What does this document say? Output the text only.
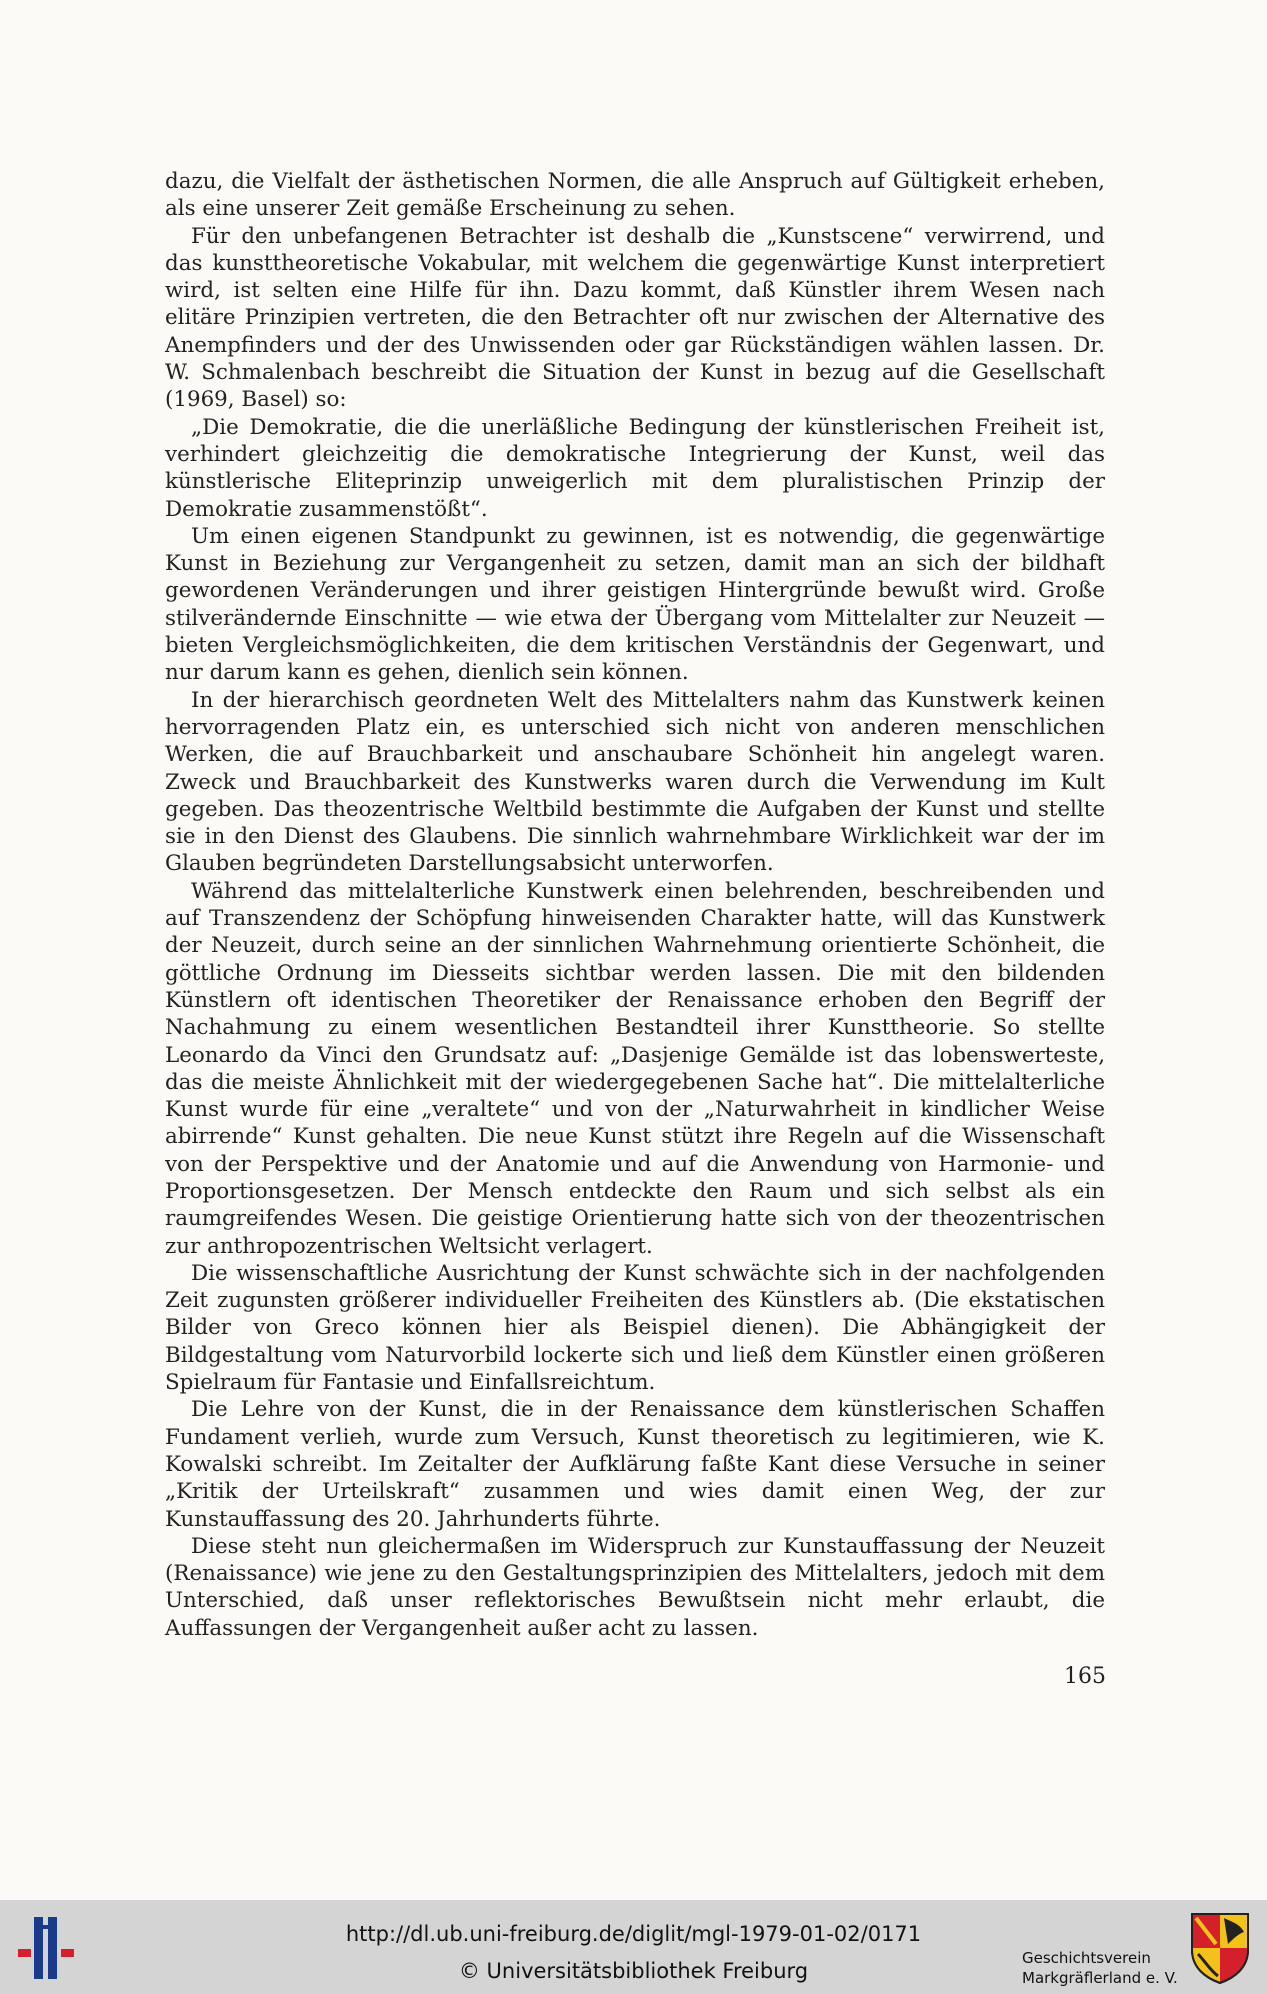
dazu, die Vielfalt der ästhetischen Normen, die alle Anspruch auf Gültigkeit erheben, als eine unserer Zeit gemäße Erscheinung zu sehen.

Für den unbefangenen Betrachter ist deshalb die „Kunstscene“ verwirrend, und das kunsttheoretische Vokabular, mit welchem die gegenwärtige Kunst interpretiert wird, ist selten eine Hilfe für ihn. Dazu kommt, daß Künstler ihrem Wesen nach elitäre Prinzipien vertreten, die den Betrachter oft nur zwischen der Alternative des Anempfinders und der des Unwissenden oder gar Rückständigen wählen lassen. Dr. W. Schmalenbach beschreibt die Situation der Kunst in bezug auf die Gesellschaft (1969, Basel) so:

„Die Demokratie, die die unerläßliche Bedingung der künstlerischen Freiheit ist, verhindert gleichzeitig die demokratische Integrierung der Kunst, weil das künstlerische Eliteprinzip unweigerlich mit dem pluralistischen Prinzip der Demokratie zusammenstößt“.

Um einen eigenen Standpunkt zu gewinnen, ist es notwendig, die gegenwärtige Kunst in Beziehung zur Vergangenheit zu setzen, damit man an sich der bildhaft gewordenen Veränderungen und ihrer geistigen Hintergründe bewußt wird. Große stilverändernde Einschnitte — wie etwa der Übergang vom Mittelalter zur Neuzeit — bieten Vergleichsmöglichkeiten, die dem kritischen Verständnis der Gegenwart, und nur darum kann es gehen, dienlich sein können.

In der hierarchisch geordneten Welt des Mittelalters nahm das Kunstwerk keinen hervorragenden Platz ein, es unterschied sich nicht von anderen menschlichen Werken, die auf Brauchbarkeit und anschaubare Schönheit hin angelegt waren. Zweck und Brauchbarkeit des Kunstwerks waren durch die Verwendung im Kult gegeben. Das theozentrische Weltbild bestimmte die Aufgaben der Kunst und stellte sie in den Dienst des Glaubens. Die sinnlich wahrnehmbare Wirklichkeit war der im Glauben begründeten Darstellungsabsicht unterworfen.

Während das mittelalterliche Kunstwerk einen belehrenden, beschreibenden und auf Transzendenz der Schöpfung hinweisenden Charakter hatte, will das Kunstwerk der Neuzeit, durch seine an der sinnlichen Wahrnehmung orientierte Schönheit, die göttliche Ordnung im Diesseits sichtbar werden lassen. Die mit den bildenden Künstlern oft identischen Theoretiker der Renaissance erhoben den Begriff der Nachahmung zu einem wesentlichen Bestandteil ihrer Kunsttheorie. So stellte Leonardo da Vinci den Grundsatz auf: „Dasjenige Gemälde ist das lobenswerteste, das die meiste Ähnlichkeit mit der wiedergegebenen Sache hat“. Die mittelalterliche Kunst wurde für eine „veraltete“ und von der „Naturwahrheit in kindlicher Weise abirrende“ Kunst gehalten. Die neue Kunst stützt ihre Regeln auf die Wissenschaft von der Perspektive und der Anatomie und auf die Anwendung von Harmonie- und Proportionsgesetzen. Der Mensch entdeckte den Raum und sich selbst als ein raumgreifendes Wesen. Die geistige Orientierung hatte sich von der theozentrischen zur anthropozentrischen Weltsicht verlagert.

Die wissenschaftliche Ausrichtung der Kunst schwächte sich in der nachfolgenden Zeit zugunsten größerer individueller Freiheiten des Künstlers ab. (Die ekstatischen Bilder von Greco können hier als Beispiel dienen). Die Abhängigkeit der Bildgestaltung vom Naturvorbild lockerte sich und ließ dem Künstler einen größeren Spielraum für Fantasie und Einfallsreichtum.

Die Lehre von der Kunst, die in der Renaissance dem künstlerischen Schaffen Fundament verlieh, wurde zum Versuch, Kunst theoretisch zu legitimieren, wie K. Kowalski schreibt. Im Zeitalter der Aufklärung faßte Kant diese Versuche in seiner „Kritik der Urteilskraft“ zusammen und wies damit einen Weg, der zur Kunstauffassung des 20. Jahrhunderts führte.

Diese steht nun gleichermaßen im Widerspruch zur Kunstauffassung der Neuzeit (Renaissance) wie jene zu den Gestaltungsprinzipien des Mittelalters, jedoch mit dem Unterschied, daß unser reflektorisches Bewußtsein nicht mehr erlaubt, die Auffassungen der Vergangenheit außer acht zu lassen.

165
http://dl.ub.uni-freiburg.de/diglit/mgl-1979-01-02/0171
© Universitätsbibliothek Freiburg
Geschichtsverein
Markgräflerland e. V.
